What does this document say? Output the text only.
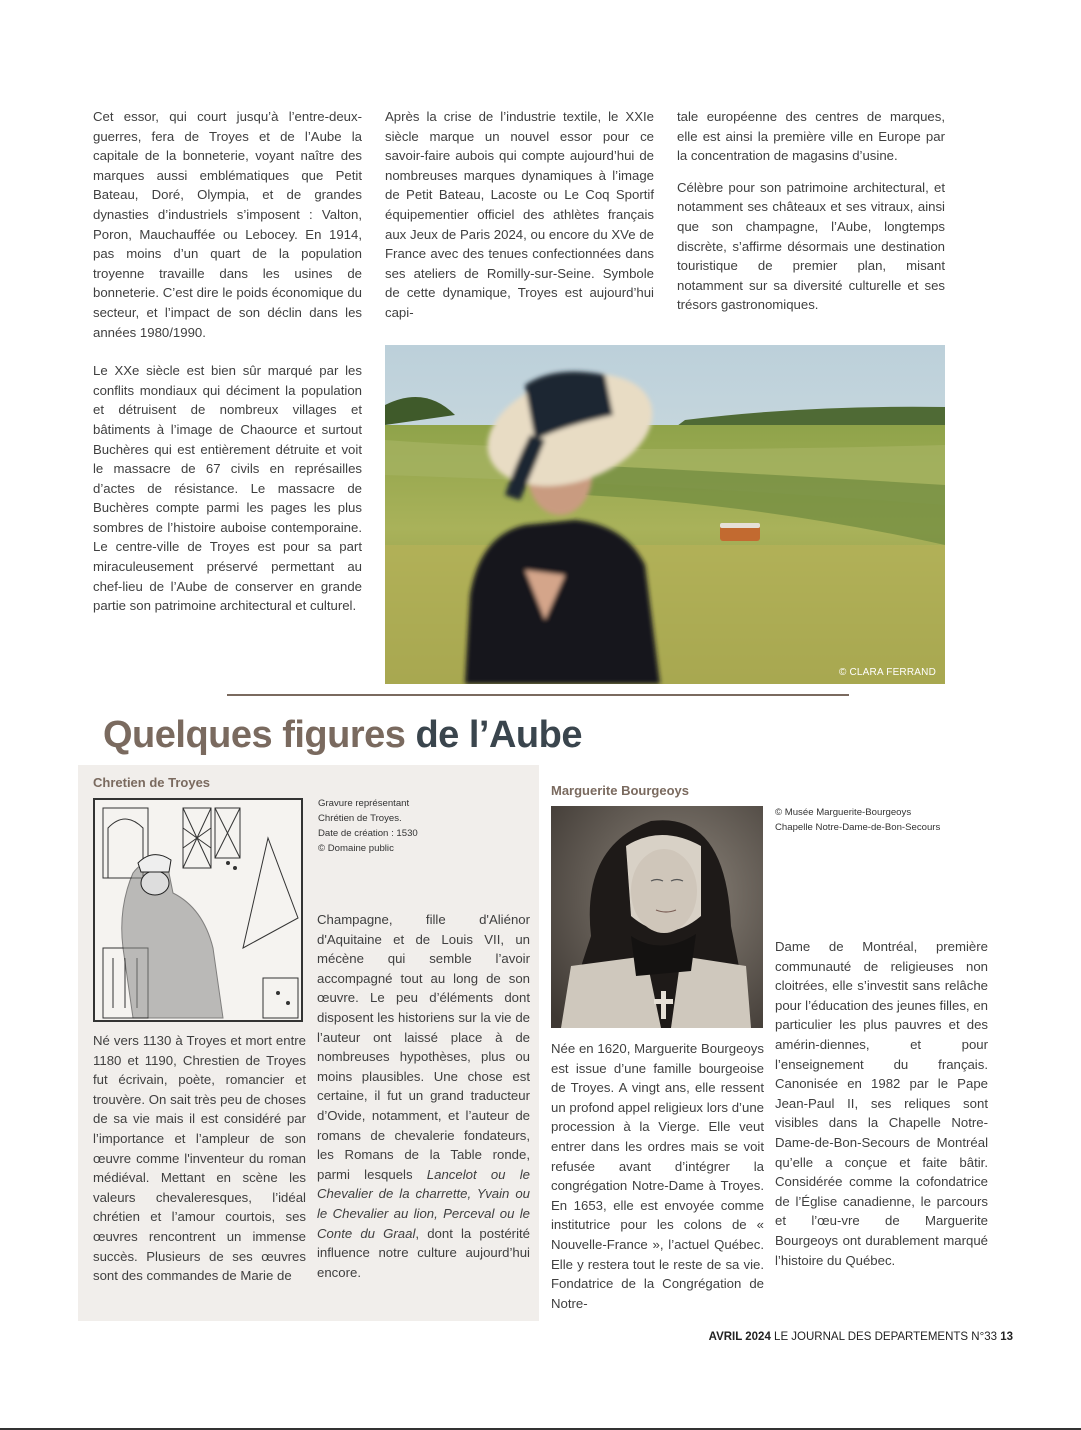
Cet essor, qui court jusqu’à l’entre-deux-guerres, fera de Troyes et de l’Aube la capitale de la bonneterie, voyant naître des marques aussi emblématiques que Petit Bateau, Doré, Olympia, et de grandes dynasties d’industriels s’imposent : Valton, Poron, Mauchauffée ou Lebocey. En 1914, pas moins d’un quart de la population troyenne travaille dans les usines de bonneterie. C’est dire le poids économique du secteur, et l’impact de son déclin dans les années 1980/1990.

Le XXe siècle est bien sûr marqué par les conflits mondiaux qui déciment la population et détruisent de nombreux villages et bâtiments à l’image de Chaource et surtout Buchères qui est entièrement détruite et voit le massacre de 67 civils en représailles d’actes de résistance. Le massacre de Buchères compte parmi les pages les plus sombres de l’histoire auboise contemporaine. Le centre-ville de Troyes est pour sa part miraculeusement préservé permettant au chef-lieu de l’Aube de conserver en grande partie son patrimoine architectural et culturel.

Après la crise de l’industrie textile, le XXIe siècle marque un nouvel essor pour ce savoir-faire aubois qui compte aujourd’hui de nombreuses marques dynamiques à l’image de Petit Bateau, Lacoste ou Le Coq Sportif équipementier officiel des athlètes français aux Jeux de Paris 2024, ou encore du XVe de France avec des tenues confectionnées dans ses ateliers de Romilly-sur-Seine. Symbole de cette dynamique, Troyes est aujourd’hui capi-

tale européenne des centres de marques, elle est ainsi la première ville en Europe par la concentration de magasins d’usine.

Célèbre pour son patrimoine architectural, et notamment ses châteaux et ses vitraux, ainsi que son champagne, l’Aube, longtemps discrète, s’affirme désormais une destination touristique de premier plan, misant notamment sur sa diversité culturelle et ses trésors gastronomiques.

© CLARA FERRAND
Quelques figures de l’Aube
Chretien de Troyes
Gravure représentant
Chrétien de Troyes.
Date de création : 1530
© Domaine public

Né vers 1130 à Troyes et mort entre 1180 et 1190, Chrestien de Troyes fut écrivain, poète, romancier et trouvère. On sait très peu de choses de sa vie mais il est considéré par l’importance et l’ampleur de son œuvre comme l'inventeur du roman médiéval. Mettant en scène les valeurs chevaleresques, l’idéal chrétien et l’amour courtois, ses œuvres rencontrent un immense succès. Plusieurs de ses œuvres sont des commandes de Marie de

Champagne, fille d'Aliénor d'Aquitaine et de Louis VII, un mécène qui semble l’avoir accompagné tout au long de son œuvre. Le peu d’éléments dont disposent les historiens sur la vie de l’auteur ont laissé place à de nombreuses hypothèses, plus ou moins plausibles. Une chose est certaine, il fut un grand traducteur d’Ovide, notamment, et l’auteur de romans de chevalerie fondateurs, les Romans de la Table ronde, parmi lesquels Lancelot ou le Chevalier de la charrette, Yvain ou le Chevalier au lion, Perceval ou le Conte du Graal, dont la postérité influence notre culture aujourd’hui encore.

Marguerite Bourgeoys
© Musée Marguerite-Bourgeoys
Chapelle Notre-Dame-de-Bon-Secours

Née en 1620, Marguerite Bourgeoys est issue d’une famille bourgeoise de Troyes. A vingt ans, elle ressent un profond appel religieux lors d’une procession à la Vierge. Elle veut entrer dans les ordres mais se voit refusée avant d’intégrer la congrégation Notre-Dame à Troyes. En 1653, elle est envoyée comme institutrice pour les colons de « Nouvelle-France », l’actuel Québec. Elle y restera tout le reste de sa vie. Fondatrice de la Congrégation de Notre-

Dame de Montréal, première communauté de religieuses non cloitrées, elle s’investit sans relâche pour l’éducation des jeunes filles, en particulier les plus pauvres et des amérin-diennes, et pour l’enseignement du français. Canonisée en 1982 par le Pape Jean-Paul II, ses reliques sont visibles dans la Chapelle Notre-Dame-de-Bon-Secours de Montréal qu’elle a conçue et faite bâtir. Considérée comme la cofondatrice de l’Église canadienne, le parcours et l’œu-vre de Marguerite Bourgeoys ont durablement marqué l’histoire du Québec.

AVRIL 2024 LE JOURNAL DES DEPARTEMENTS N°33 13
